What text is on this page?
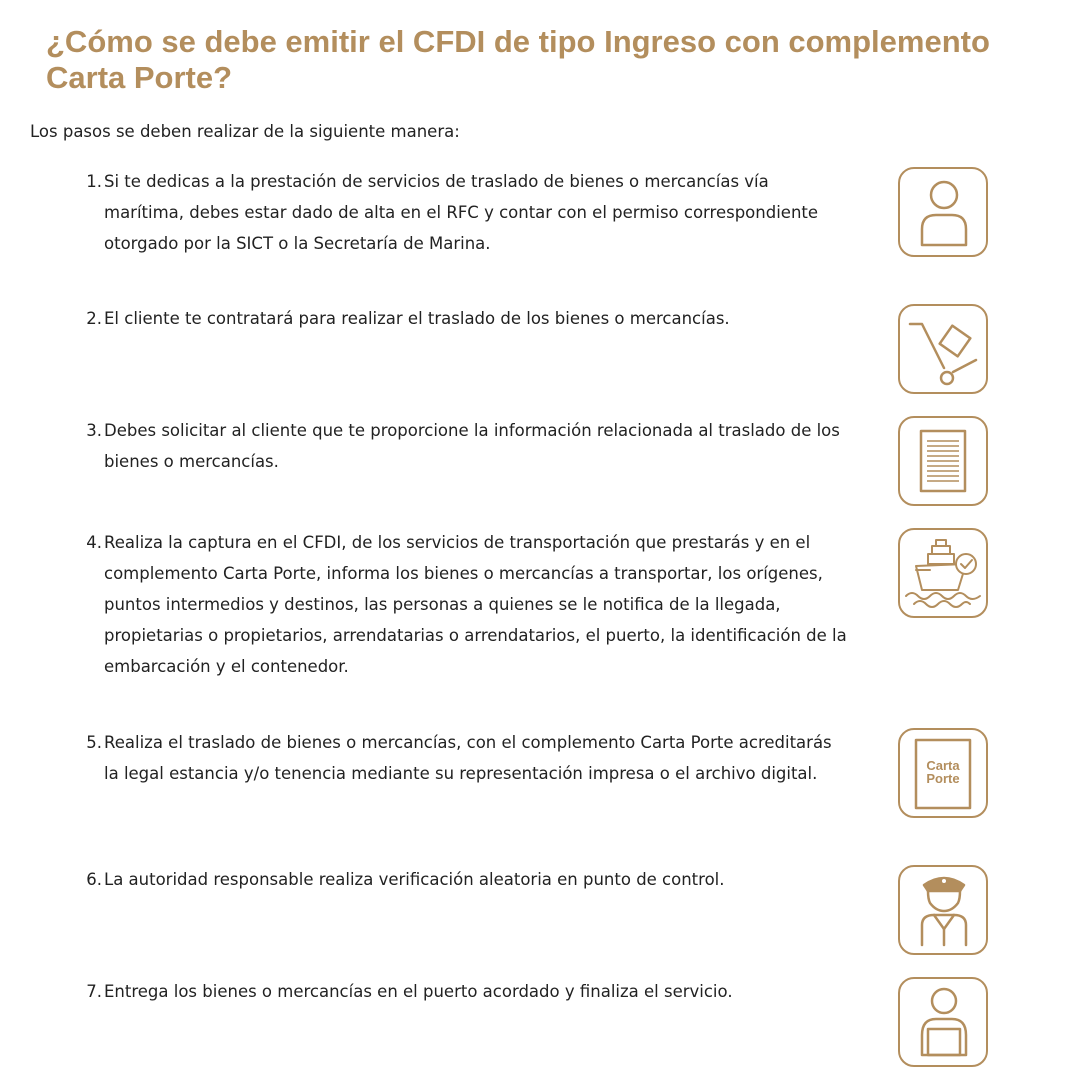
¿Cómo se debe emitir el CFDI de tipo Ingreso con complemento Carta Porte?

Los pasos se deben realizar de la siguiente manera:

1. Si te dedicas a la prestación de servicios de traslado de bienes o mercancías vía marítima, debes estar dado de alta en el RFC y contar con el permiso correspondiente otorgado por la SICT o la Secretaría de Marina.
2. El cliente te contratará para realizar el traslado de los bienes o mercancías.
3. Debes solicitar al cliente que te proporcione la información relacionada al traslado de los bienes o mercancías.
4. Realiza la captura en el CFDI, de los servicios de transportación que prestarás y en el complemento Carta Porte, informa los bienes o mercancías a transportar, los orígenes, puntos intermedios y destinos, las personas a quienes se le notifica de la llegada, propietarias o propietarios, arrendatarias o arrendatarios, el puerto, la identificación de la embarcación y el contenedor.
5. Realiza el traslado de bienes o mercancías, con el complemento Carta Porte acreditarás la legal estancia y/o tenencia mediante su representación impresa o el archivo digital.	Carta
Porte
6. La autoridad responsable realiza verificación aleatoria en punto de control.
7. Entrega los bienes o mercancías en el puerto acordado y finaliza el servicio.
